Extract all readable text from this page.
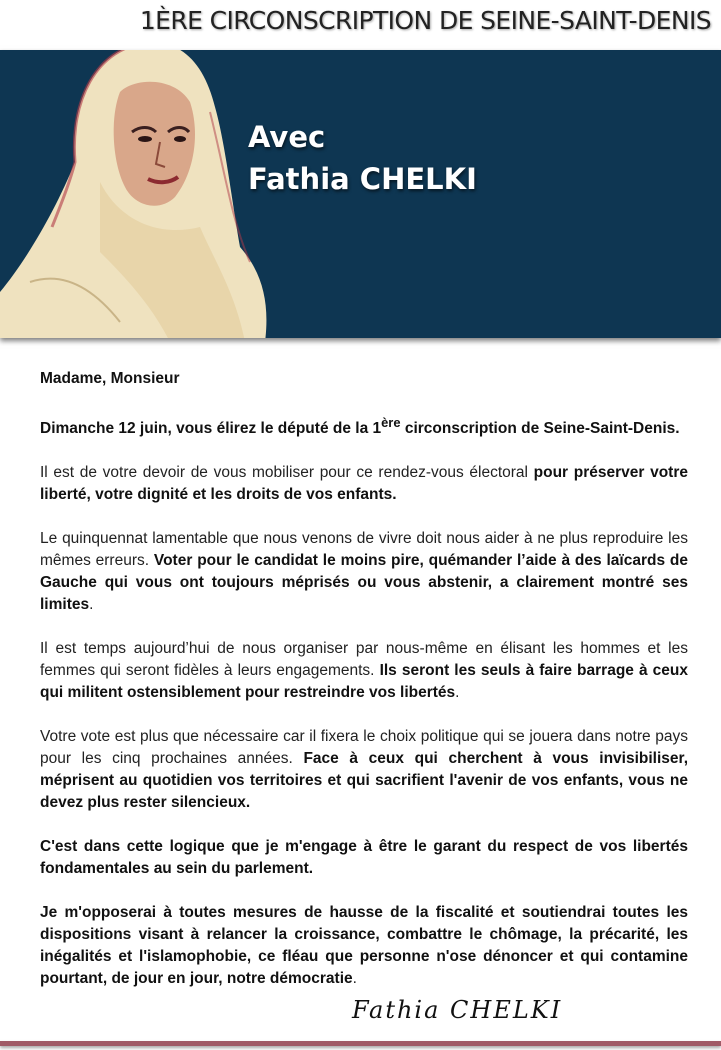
1ÈRE CIRCONSCRIPTION DE SEINE-SAINT-DENIS
Avec
Fathia CHELKI

Madame, Monsieur

Dimanche 12 juin, vous élirez le député de la 1ère circonscription de Seine-Saint-Denis.

Il est de votre devoir de vous mobiliser pour ce rendez-vous électoral pour préserver votre liberté, votre dignité et les droits de vos enfants.

Le quinquennat lamentable que nous venons de vivre doit nous aider à ne plus reproduire les mêmes erreurs. Voter pour le candidat le moins pire, quémander l’aide à des laïcards de Gauche qui vous ont toujours méprisés ou vous abstenir, a clairement montré ses limites.

Il est temps aujourd’hui de nous organiser par nous-même en élisant les hommes et les femmes qui seront fidèles à leurs engagements. Ils seront les seuls à faire barrage à ceux qui militent ostensiblement pour restreindre vos libertés.

Votre vote est plus que nécessaire car il fixera le choix politique qui se jouera dans notre pays pour les cinq prochaines années. Face à ceux qui cherchent à vous invisibiliser, méprisent au quotidien vos territoires et qui sacrifient l'avenir de vos enfants, vous ne devez plus rester silencieux.

C'est dans cette logique que je m'engage à être le garant du respect de vos libertés fondamentales au sein du parlement.

Je m'opposerai à toutes mesures de hausse de la fiscalité et soutiendrai toutes les dispositions visant à relancer la croissance, combattre le chômage, la précarité, les inégalités et l'islamophobie, ce fléau que personne n'ose dénoncer et qui contamine pourtant, de jour en jour, notre démocratie.

Fathia CHELKI
